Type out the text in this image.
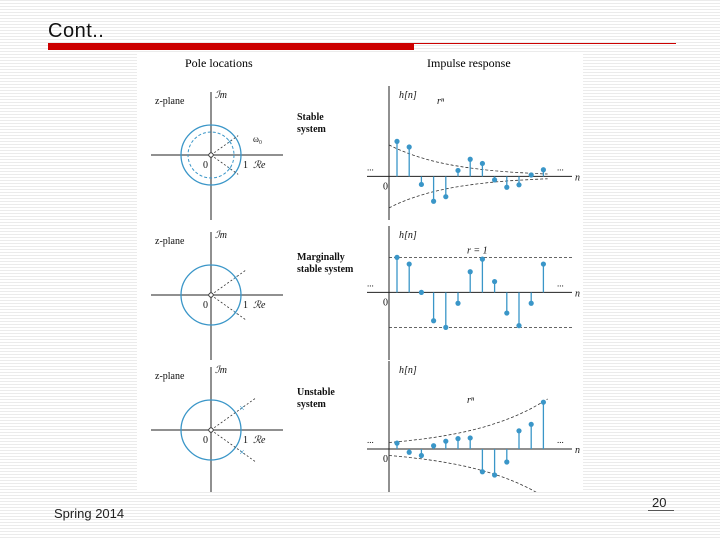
Cont..
Pole locations	Impulse response
z-plane
ℐm
ω₀
×
×
0	1 ℛe
Stable
system
h[n]
0
n
...	...
rⁿ
z-plane
ℐm
×
×
0	1 ℛe
Marginally
stable system
h[n]
0
n
...	...
r = 1
z-plane
ℐm
×
×
0	1 ℛe
Unstable
system
h[n]
0
n
...	...
rⁿ
Spring 2014
20
